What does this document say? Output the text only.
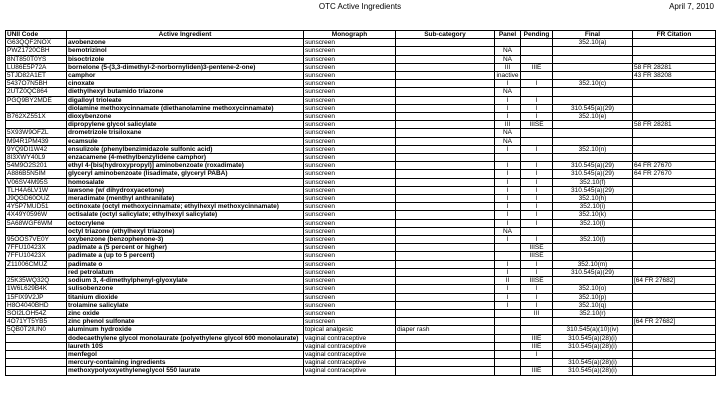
OTC Active Ingredients	April 7, 2010
UNII Code	Active Ingredient	Monograph	Sub-category	Panel	Pending	Final	FR Citation
G63QQF2NOX	avobenzone	sunscreen				352.10(a)	
PWZ1720CBH	bemotrizinol	sunscreen		NA			
8NT850T0YS	bisoctrizole	sunscreen		NA			
LU86E5P72A	bornelone (5-(3,3-dimethyl-2-norbornyliden)3-pentene-2-one)	sunscreen		III	IIIE		58 FR 28281
5TJD82A1ET	camphor	sunscreen		inactive			43 FR 38208
5437O7N5BH	cinoxate	sunscreen		I	I	352.10(c)	
2UTZ0QC864	diethylhexyl butamido triazone	sunscreen		NA			
PGQ9BY2MDE	digalloyl trioleate	sunscreen		I	I		
	diolamine methoxycinnamate (diethanolamine methoxycinnamate)	sunscreen		I	I	310.545(a)(29)	
B762XZ551X	dioxybenzone	sunscreen		I	I	352.10(e)	
	dipropylene glycol salicylate	sunscreen		III	IIISE		58 FR 28281
5X93W9OFZL	drometrizole trisiloxane	sunscreen		NA			
M94R1PM439	ecamsule	sunscreen		NA			
9YQ9DI1W42	ensulizole (phenylbenzimidazole sulfonic acid)	sunscreen		I	I	352.10(n)	
8I3XWY40L9	enzacamene (4-methylbenzylidene camphor)	sunscreen					
54M9O2S201	ethyl 4-[bis(hydroxypropyl)] aminobenzoate (roxadimate)	sunscreen		I	I	310.545(a)(29)	64 FR 27670
A886B5N5IM	glyceryl aminobenzoate (lisadimate, glyceryl PABA)	sunscreen		I	I	310.545(a)(29)	64 FR 27670
V06SV4M95S	homosalate	sunscreen		I	I	352.10(f)	
TLH4A6LV1W	lawsone (w/ dihydroxyacetone)	sunscreen		I	I	310.545(a)(29)	
J9QGD60OUZ	meradimate (menthyl anthranilate)	sunscreen		I	I	352.10(h)	
4Y5P7MUD51	octinoxate (octyl methoxycinnamate; ethylhexyl methoxycinnamate)	sunscreen		I	I	352.10(i)	
4X49Y0596W	octisalate (octyl salicylate; ethylhexyl salicylate)	sunscreen		I	I	352.10(k)	
5A68WGF6WM	octocrylene	sunscreen		I	I	352.10(l)	
	octyl triazone (ethylhexyl triazone)	sunscreen		NA			
95OOS7VE0Y	oxybenzone (benzophenone-3)	sunscreen		I	I	352.10(l)	
7FFU10423X	padimate a (5 percent or higher)	sunscreen			IIISE		
7FFU10423X	padimate a (up to 5 percent)	sunscreen			IIISE		
Z11006CMUZ	padimate o	sunscreen		I	I	352.10(m)	
	red petrolatum	sunscreen		I	I	310.545(a)(29)	
25K35WQ32Q	sodium 3, 4-dimethylphenyl-glyoxylate	sunscreen		II	IIISE		[64 FR 27682]
1W6L629B4K	sulisobenzone	sunscreen		I	I	352.10(o)	
15FIX9V2JP	titanium dioxide	sunscreen		I	I	352.10(p)	
H8O4040BHD	trolamine salicylate	sunscreen		I	I	352.10(q)	
SOI2LOH54Z	zinc oxide	sunscreen			III	352.10(r)	
4O71YT5YB5	zinc phenol sulfonate	sunscreen					[64 FR 27682]
5QB0T2IUN0	aluminum hydroxide	topical analgesic	diaper rash			310.545(a)(10)(iv)	
	dodecaethylene glycol monolaurate (polyethylene glycol 600 monolaurate)	vaginal contraceptive			IIIE	310.545(a)(28)(i)	
	laureth 10S	vaginal contraceptive			IIIE	310.545(a)(28)(i)	
	menfegol	vaginal contraceptive			I		
	mercury-containing ingredients	vaginal contraceptive				310.545(a)(28)(i)	
	methoxypolyoxyethyleneglycol 550 laurate	vaginal contraceptive			IIIE	310.545(a)(28)(i)	
